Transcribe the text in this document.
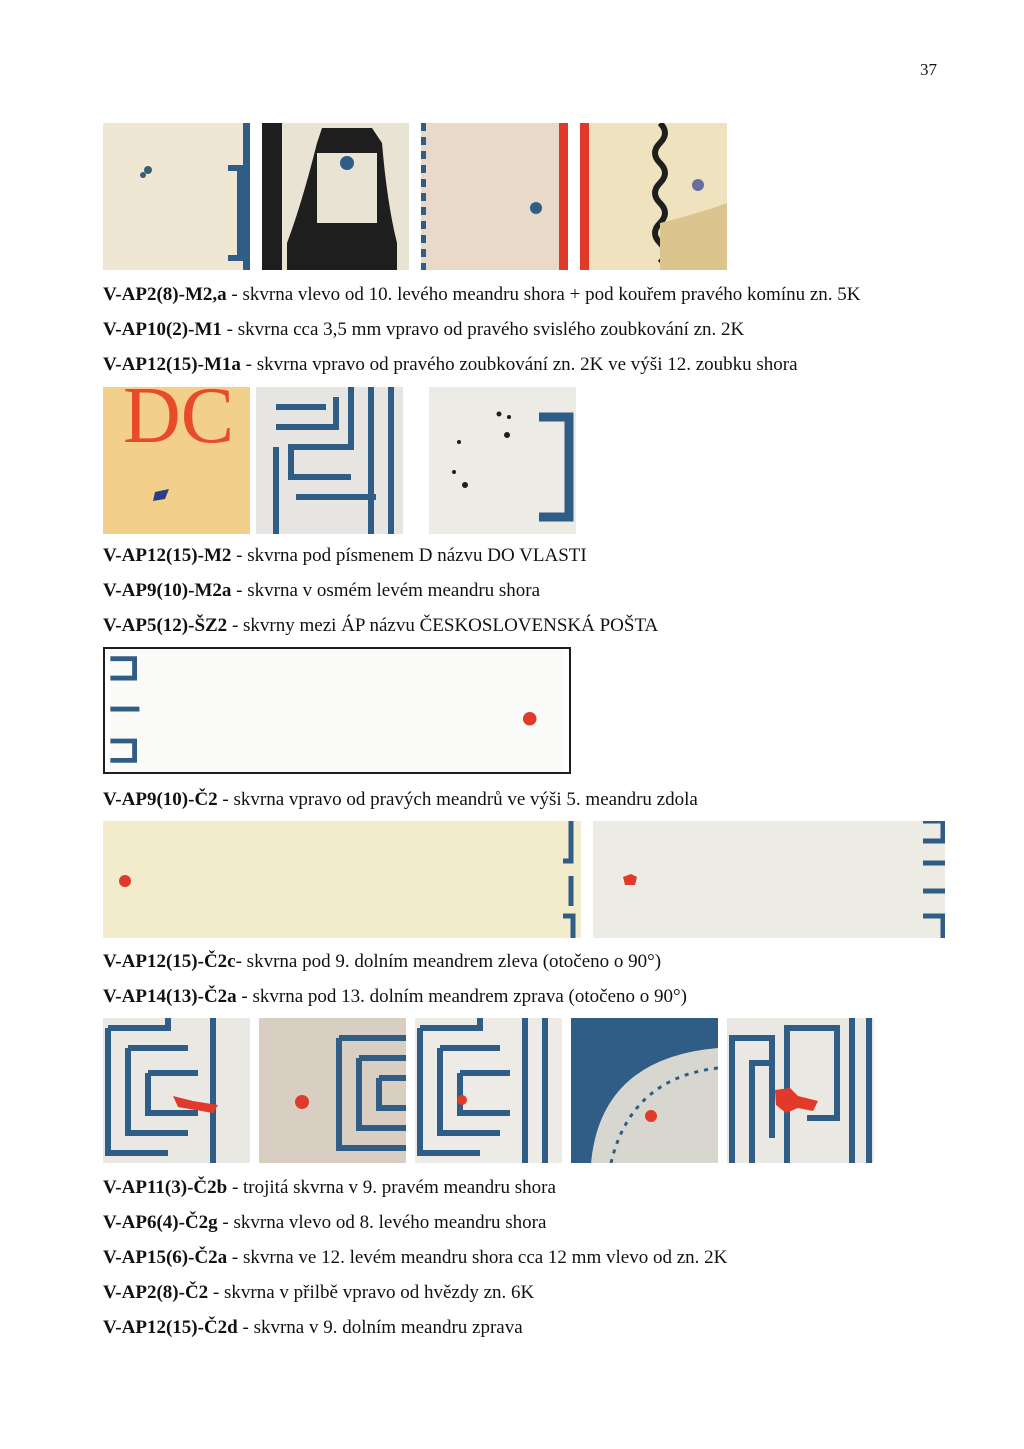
37
V-AP2(8)-M2,a - skvrna vlevo od 10. levého meandru shora + pod kouřem pravého komínu zn. 5K
V-AP10(2)-M1 - skvrna cca 3,5 mm vpravo od pravého svislého zoubkování zn. 2K
V-AP12(15)-M1a - skvrna vpravo od pravého zoubkování zn. 2K ve výši 12. zoubku shora
DC
V-AP12(15)-M2 - skvrna pod písmenem D názvu DO VLASTI
V-AP9(10)-M2a - skvrna v osmém levém meandru shora
V-AP5(12)-ŠZ2 - skvrny mezi ÁP názvu ČESKOSLOVENSKÁ POŠTA
V-AP9(10)-Č2 - skvrna vpravo od pravých meandrů ve výši 5. meandru zdola
V-AP12(15)-Č2c- skvrna pod 9. dolním meandrem zleva (otočeno o 90°)
V-AP14(13)-Č2a - skvrna pod 13. dolním meandrem zprava (otočeno o 90°)
V-AP11(3)-Č2b - trojitá skvrna v 9. pravém meandru shora
V-AP6(4)-Č2g - skvrna vlevo od 8. levého meandru shora
V-AP15(6)-Č2a - skvrna ve 12. levém meandru shora cca 12 mm vlevo od zn. 2K
V-AP2(8)-Č2 - skvrna v přilbě vpravo od hvězdy zn. 6K
V-AP12(15)-Č2d - skvrna v 9. dolním meandru zprava
